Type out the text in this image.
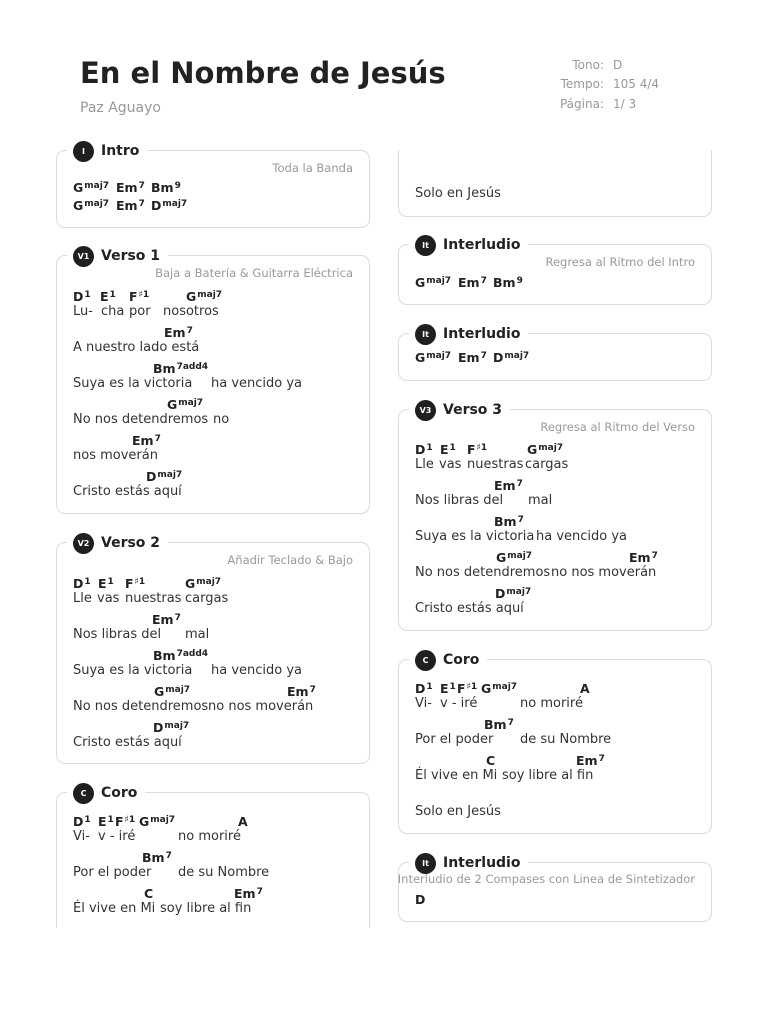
En el Nombre de Jesús
Paz Aguayo
Tono: D
Tempo: 105 4/4
Página: 1/ 3
I	Intro
Toda la Banda
$G^{maj7}$ Em$^7$ Bm$^9$
$G^{maj7}$ Em$^7$ $D^{maj7}$
V1 Verso 1
Baja a Batería & Guitarra Eléctrica
$D^1$ $E^1$ $F^{♯1}$	$G^{maj7}$
Lu- cha por nosotros
Em$^7$
A nuestro lado está
$Bm^{7add4}$
Suya es la victoria ha vencido ya
$G^{maj7}$
No nos detendremos no
Em$^7$
nos moverán
$D^{maj7}$
Cristo estás aquí
V2 Verso 2
Añadir Teclado & Bajo
$D^1$ $E^1$ $F^{♯1}$	$G^{maj7}$
Lle vas nuestras cargas
Em$^7$
Nos libras del mal
$Bm^{7add4}$
Suya es la victoria ha vencido ya
$G^{maj7}$	Em$^7$
No nos detendremos no nos moverán
$D^{maj7}$
Cristo estás aquí
C	Coro
$D^1$ $E^1$ $F^{♯1}$ $G^{maj7}$	A
Vi- v - iré	no moriré
Bm$^7$
Por el poder de su Nombre
C	Em$^7$
Él vive en Mi soy libre al fin
Solo en Jesús
It	Interludio
Regresa al Ritmo del Intro
$G^{maj7}$ Em$^7$ Bm$^9$
It	Interludio
$G^{maj7}$ Em$^7$ $D^{maj7}$
V3 Verso 3
Regresa al Ritmo del Verso
$D^1$ $E^1$ $F^{♯1}$	$G^{maj7}$
Lle vas nuestras cargas
Em$^7$
Nos libras del mal
Bm$^7$
Suya es la victoria ha vencido ya
$G^{maj7}$	Em$^7$
No nos detendremos no nos moverán
$D^{maj7}$
Cristo estás aquí
C	Coro
$D^1$ $E^1$ $F^{♯1}$ $G^{maj7}$	A
Vi- v - iré	no moriré
Bm$^7$
Por el poder de su Nombre
C	Em$^7$
Él vive en Mi soy libre al fin
Solo en Jesús
It	Interludio
Interludio de 2 Compases con Linea de Sintetizador
D
